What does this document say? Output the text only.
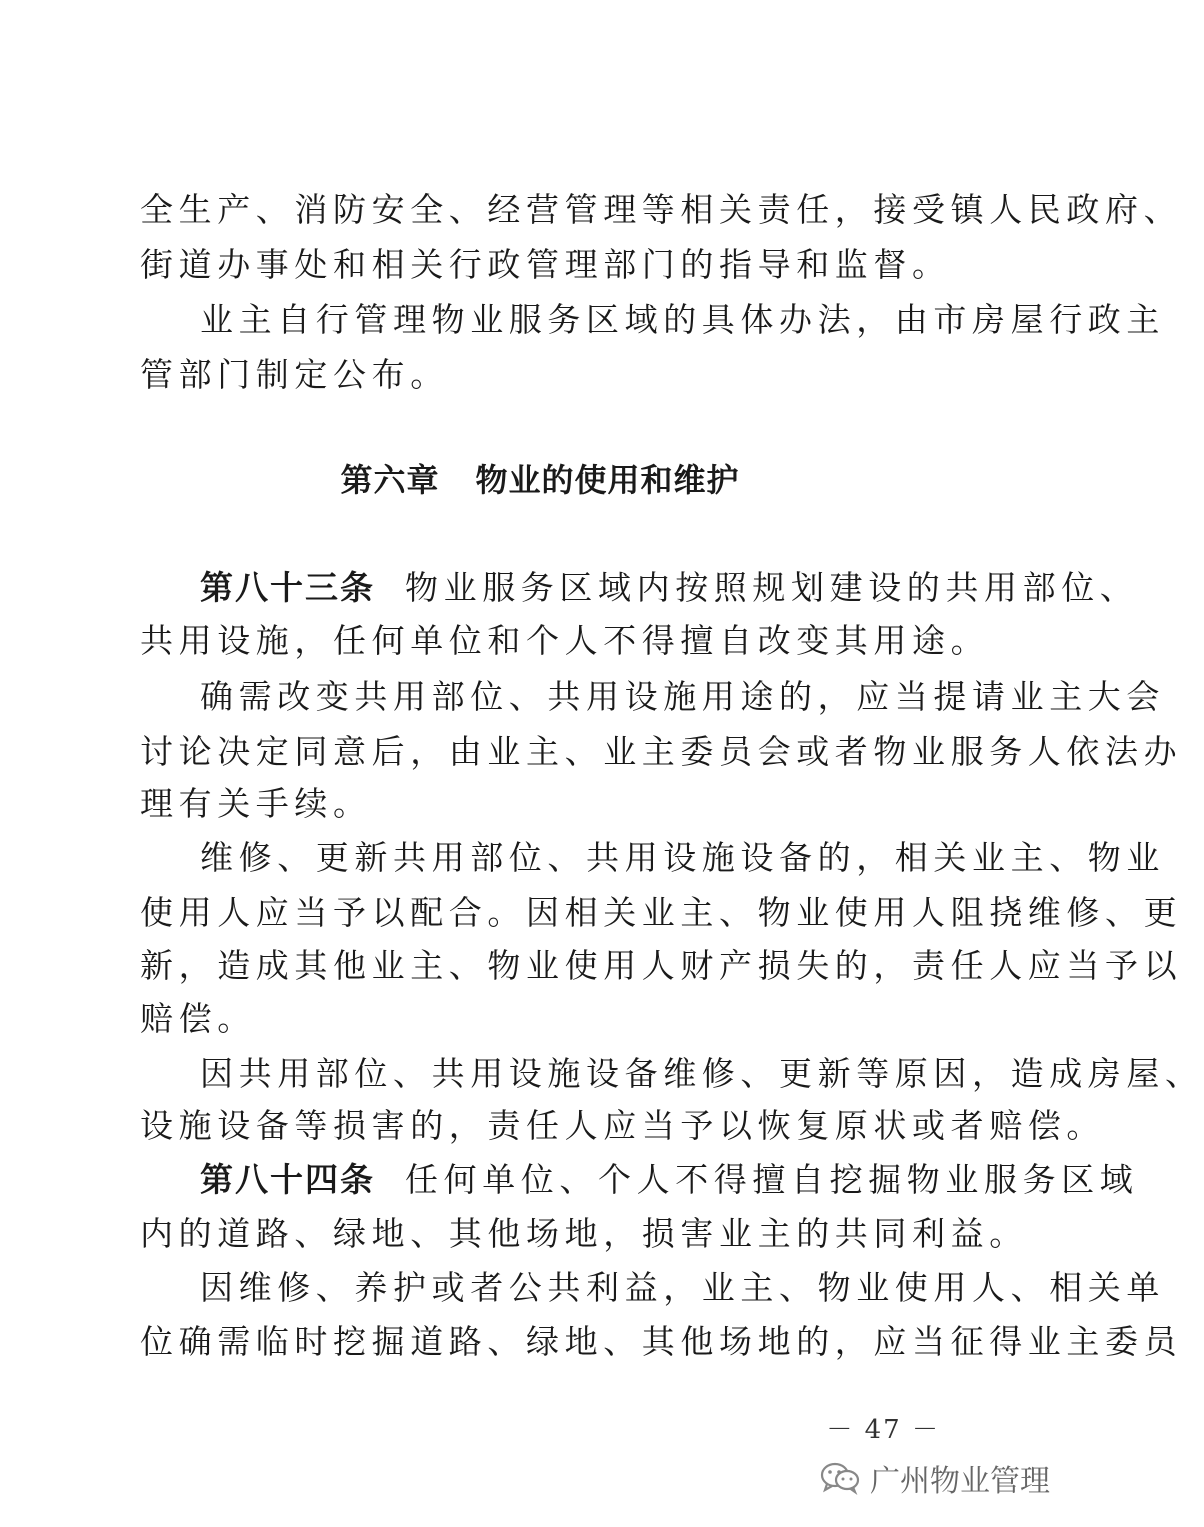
全生产、消防安全、经营管理等相关责任，接受镇人民政府、
街道办事处和相关行政管理部门的指导和监督。
业主自行管理物业服务区域的具体办法，由市房屋行政主
管部门制定公布。
第六章 物业的使用和维护
第八十三条 物业服务区域内按照规划建设的共用部位、
共用设施，任何单位和个人不得擅自改变其用途。
确需改变共用部位、共用设施用途的，应当提请业主大会
讨论决定同意后，由业主、业主委员会或者物业服务人依法办
理有关手续。
维修、更新共用部位、共用设施设备的，相关业主、物业
使用人应当予以配合。因相关业主、物业使用人阻挠维修、更
新，造成其他业主、物业使用人财产损失的，责任人应当予以
赔偿。
因共用部位、共用设施设备维修、更新等原因，造成房屋、
设施设备等损害的，责任人应当予以恢复原状或者赔偿。
第八十四条 任何单位、个人不得擅自挖掘物业服务区域
内的道路、绿地、其他场地，损害业主的共同利益。
因维修、养护或者公共利益，业主、物业使用人、相关单
位确需临时挖掘道路、绿地、其他场地的，应当征得业主委员
－ 47 －
广州物业管理
